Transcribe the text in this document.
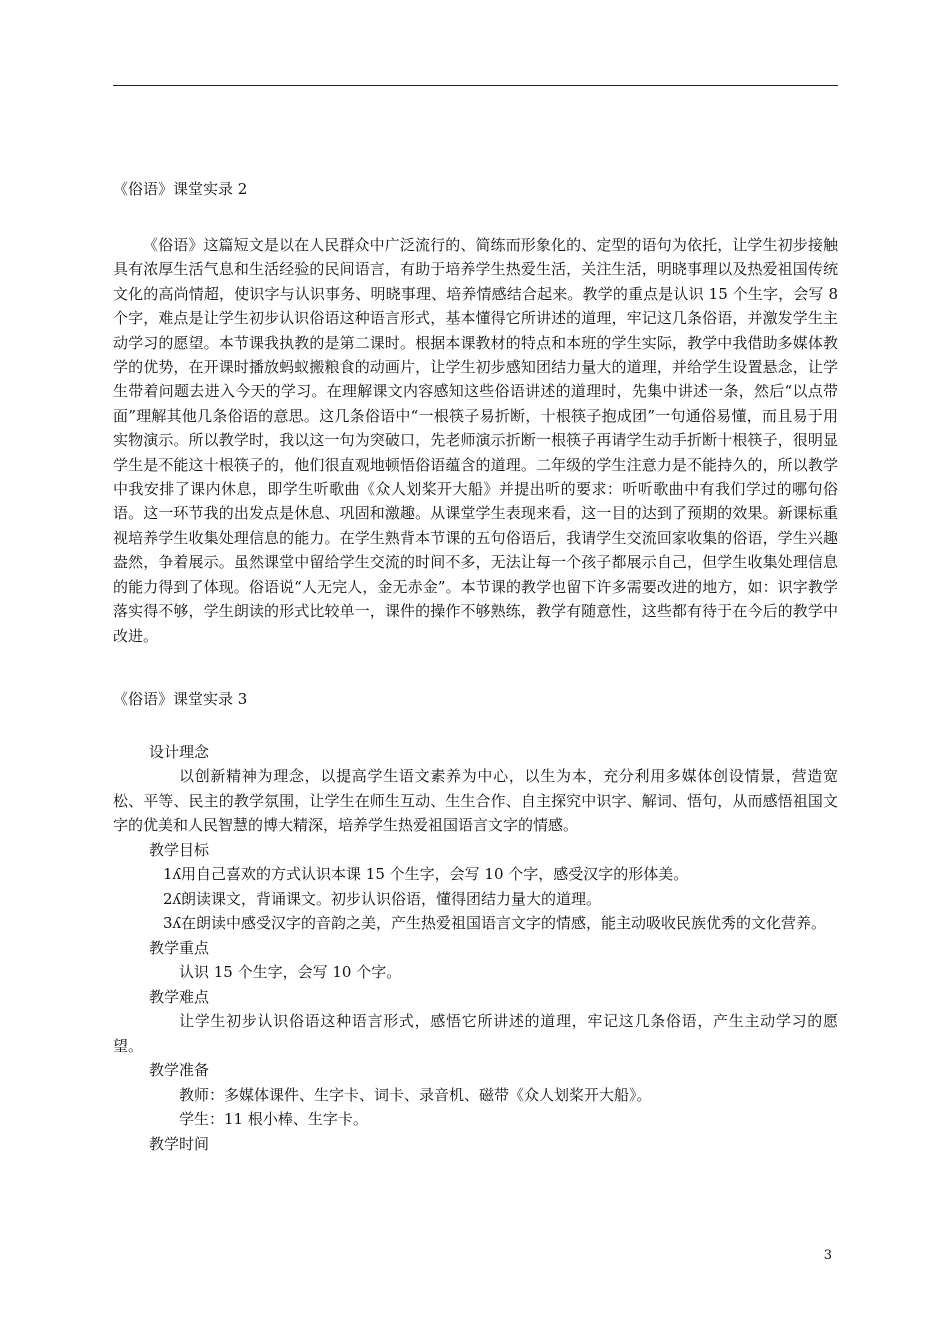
《俗语》课堂实录 2

《俗语》这篇短文是以在人民群众中广泛流行的、简练而形象化的、定型的语句为依托，让学生初步接触具有浓厚生活气息和生活经验的民间语言，有助于培养学生热爱生活，关注生活，明晓事理以及热爱祖国传统文化的高尚情超，使识字与认识事务、明晓事理、培养情感结合起来。教学的重点是认识 15 个生字，会写 8 个字，难点是让学生初步认识俗语这种语言形式，基本懂得它所讲述的道理，牢记这几条俗语，并激发学生主动学习的愿望。本节课我执教的是第二课时。根据本课教材的特点和本班的学生实际，教学中我借助多媒体教学的优势，在开课时播放蚂蚁搬粮食的动画片，让学生初步感知团结力量大的道理，并给学生设置悬念，让学生带着问题去进入今天的学习。在理解课文内容感知这些俗语讲述的道理时，先集中讲述一条，然后“以点带面”理解其他几条俗语的意思。这几条俗语中“一根筷子易折断，十根筷子抱成团”一句通俗易懂，而且易于用实物演示。所以教学时，我以这一句为突破口，先老师演示折断一根筷子再请学生动手折断十根筷子，很明显学生是不能这十根筷子的，他们很直观地顿悟俗语蕴含的道理。二年级的学生注意力是不能持久的，所以教学中我安排了课内休息，即学生听歌曲《众人划桨开大船》并提出听的要求：听听歌曲中有我们学过的哪句俗语。这一环节我的出发点是休息、巩固和激趣。从课堂学生表现来看，这一目的达到了预期的效果。新课标重视培养学生收集处理信息的能力。在学生熟背本节课的五句俗语后，我请学生交流回家收集的俗语，学生兴趣盎然，争着展示。虽然课堂中留给学生交流的时间不多，无法让每一个孩子都展示自己，但学生收集处理信息的能力得到了体现。俗语说“人无完人，金无赤金”。本节课的教学也留下许多需要改进的地方，如：识字教学落实得不够，学生朗读的形式比较单一，课件的操作不够熟练，教学有随意性，这些都有待于在今后的教学中改进。

《俗语》课堂实录 3

设计理念

以创新精神为理念，以提高学生语文素养为中心，以生为本，充分利用多媒体创设情景，营造宽松、平等、民主的教学氛围，让学生在师生互动、生生合作、自主探究中识字、解词、悟句，从而感悟祖国文字的优美和人民智慧的博大精深，培养学生热爱祖国语言文字的情感。

教学目标

1ʎ用自己喜欢的方式认识本课 15 个生字，会写 10 个字，感受汉字的形体美。

2ʎ朗读课文，背诵课文。初步认识俗语，懂得团结力量大的道理。

3ʎ在朗读中感受汉字的音韵之美，产生热爱祖国语言文字的情感，能主动吸收民族优秀的文化营养。

教学重点

认识 15 个生字，会写 10 个字。

教学难点

让学生初步认识俗语这种语言形式，感悟它所讲述的道理，牢记这几条俗语，产生主动学习的愿望。

教学准备

教师：多媒体课件、生字卡、词卡、录音机、磁带《众人划桨开大船》。

学生：11 根小棒、生字卡。

教学时间

3
